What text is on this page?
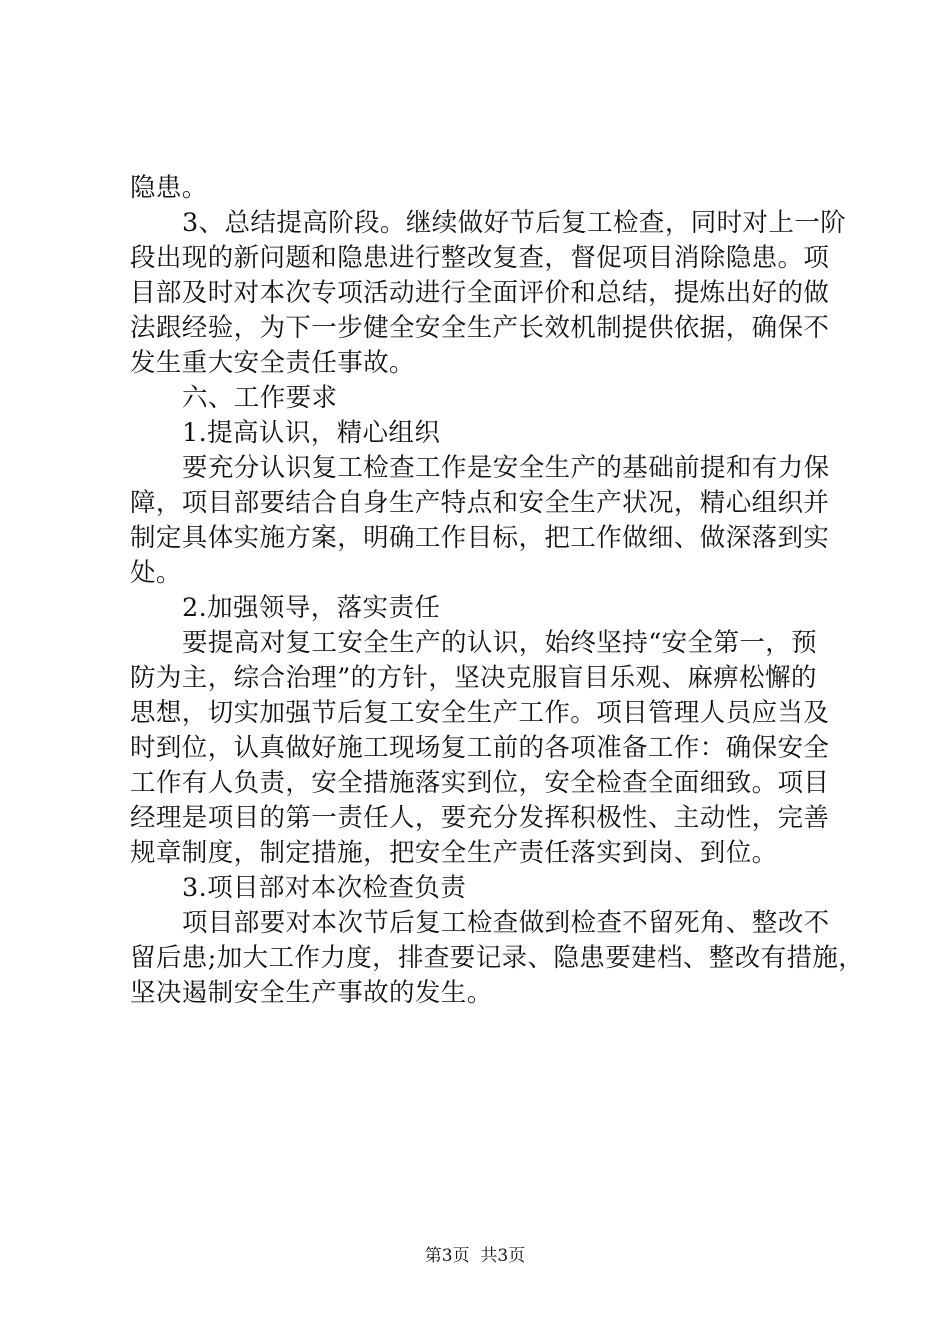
隐患。
3、总结提高阶段。继续做好节后复工检查，同时对上一阶
段出现的新问题和隐患进行整改复查，督促项目消除隐患。项
目部及时对本次专项活动进行全面评价和总结，提炼出好的做
法跟经验，为下一步健全安全生产长效机制提供依据，确保不
发生重大安全责任事故。
六、工作要求
1.提高认识，精心组织
要充分认识复工检查工作是安全生产的基础前提和有力保
障，项目部要结合自身生产特点和安全生产状况，精心组织并
制定具体实施方案，明确工作目标，把工作做细、做深落到实
处。
2.加强领导，落实责任
要提高对复工安全生产的认识，始终坚持“安全第一，预
防为主，综合治理”的方针，坚决克服盲目乐观、麻痹松懈的
思想，切实加强节后复工安全生产工作。项目管理人员应当及
时到位，认真做好施工现场复工前的各项准备工作：确保安全
工作有人负责，安全措施落实到位，安全检查全面细致。项目
经理是项目的第一责任人，要充分发挥积极性、主动性，完善
规章制度，制定措施，把安全生产责任落实到岗、到位。
3.项目部对本次检查负责
项目部要对本次节后复工检查做到检查不留死角、整改不
留后患;加大工作力度，排查要记录、隐患要建档、整改有措施，
坚决遏制安全生产事故的发生。
第3页  共3页
